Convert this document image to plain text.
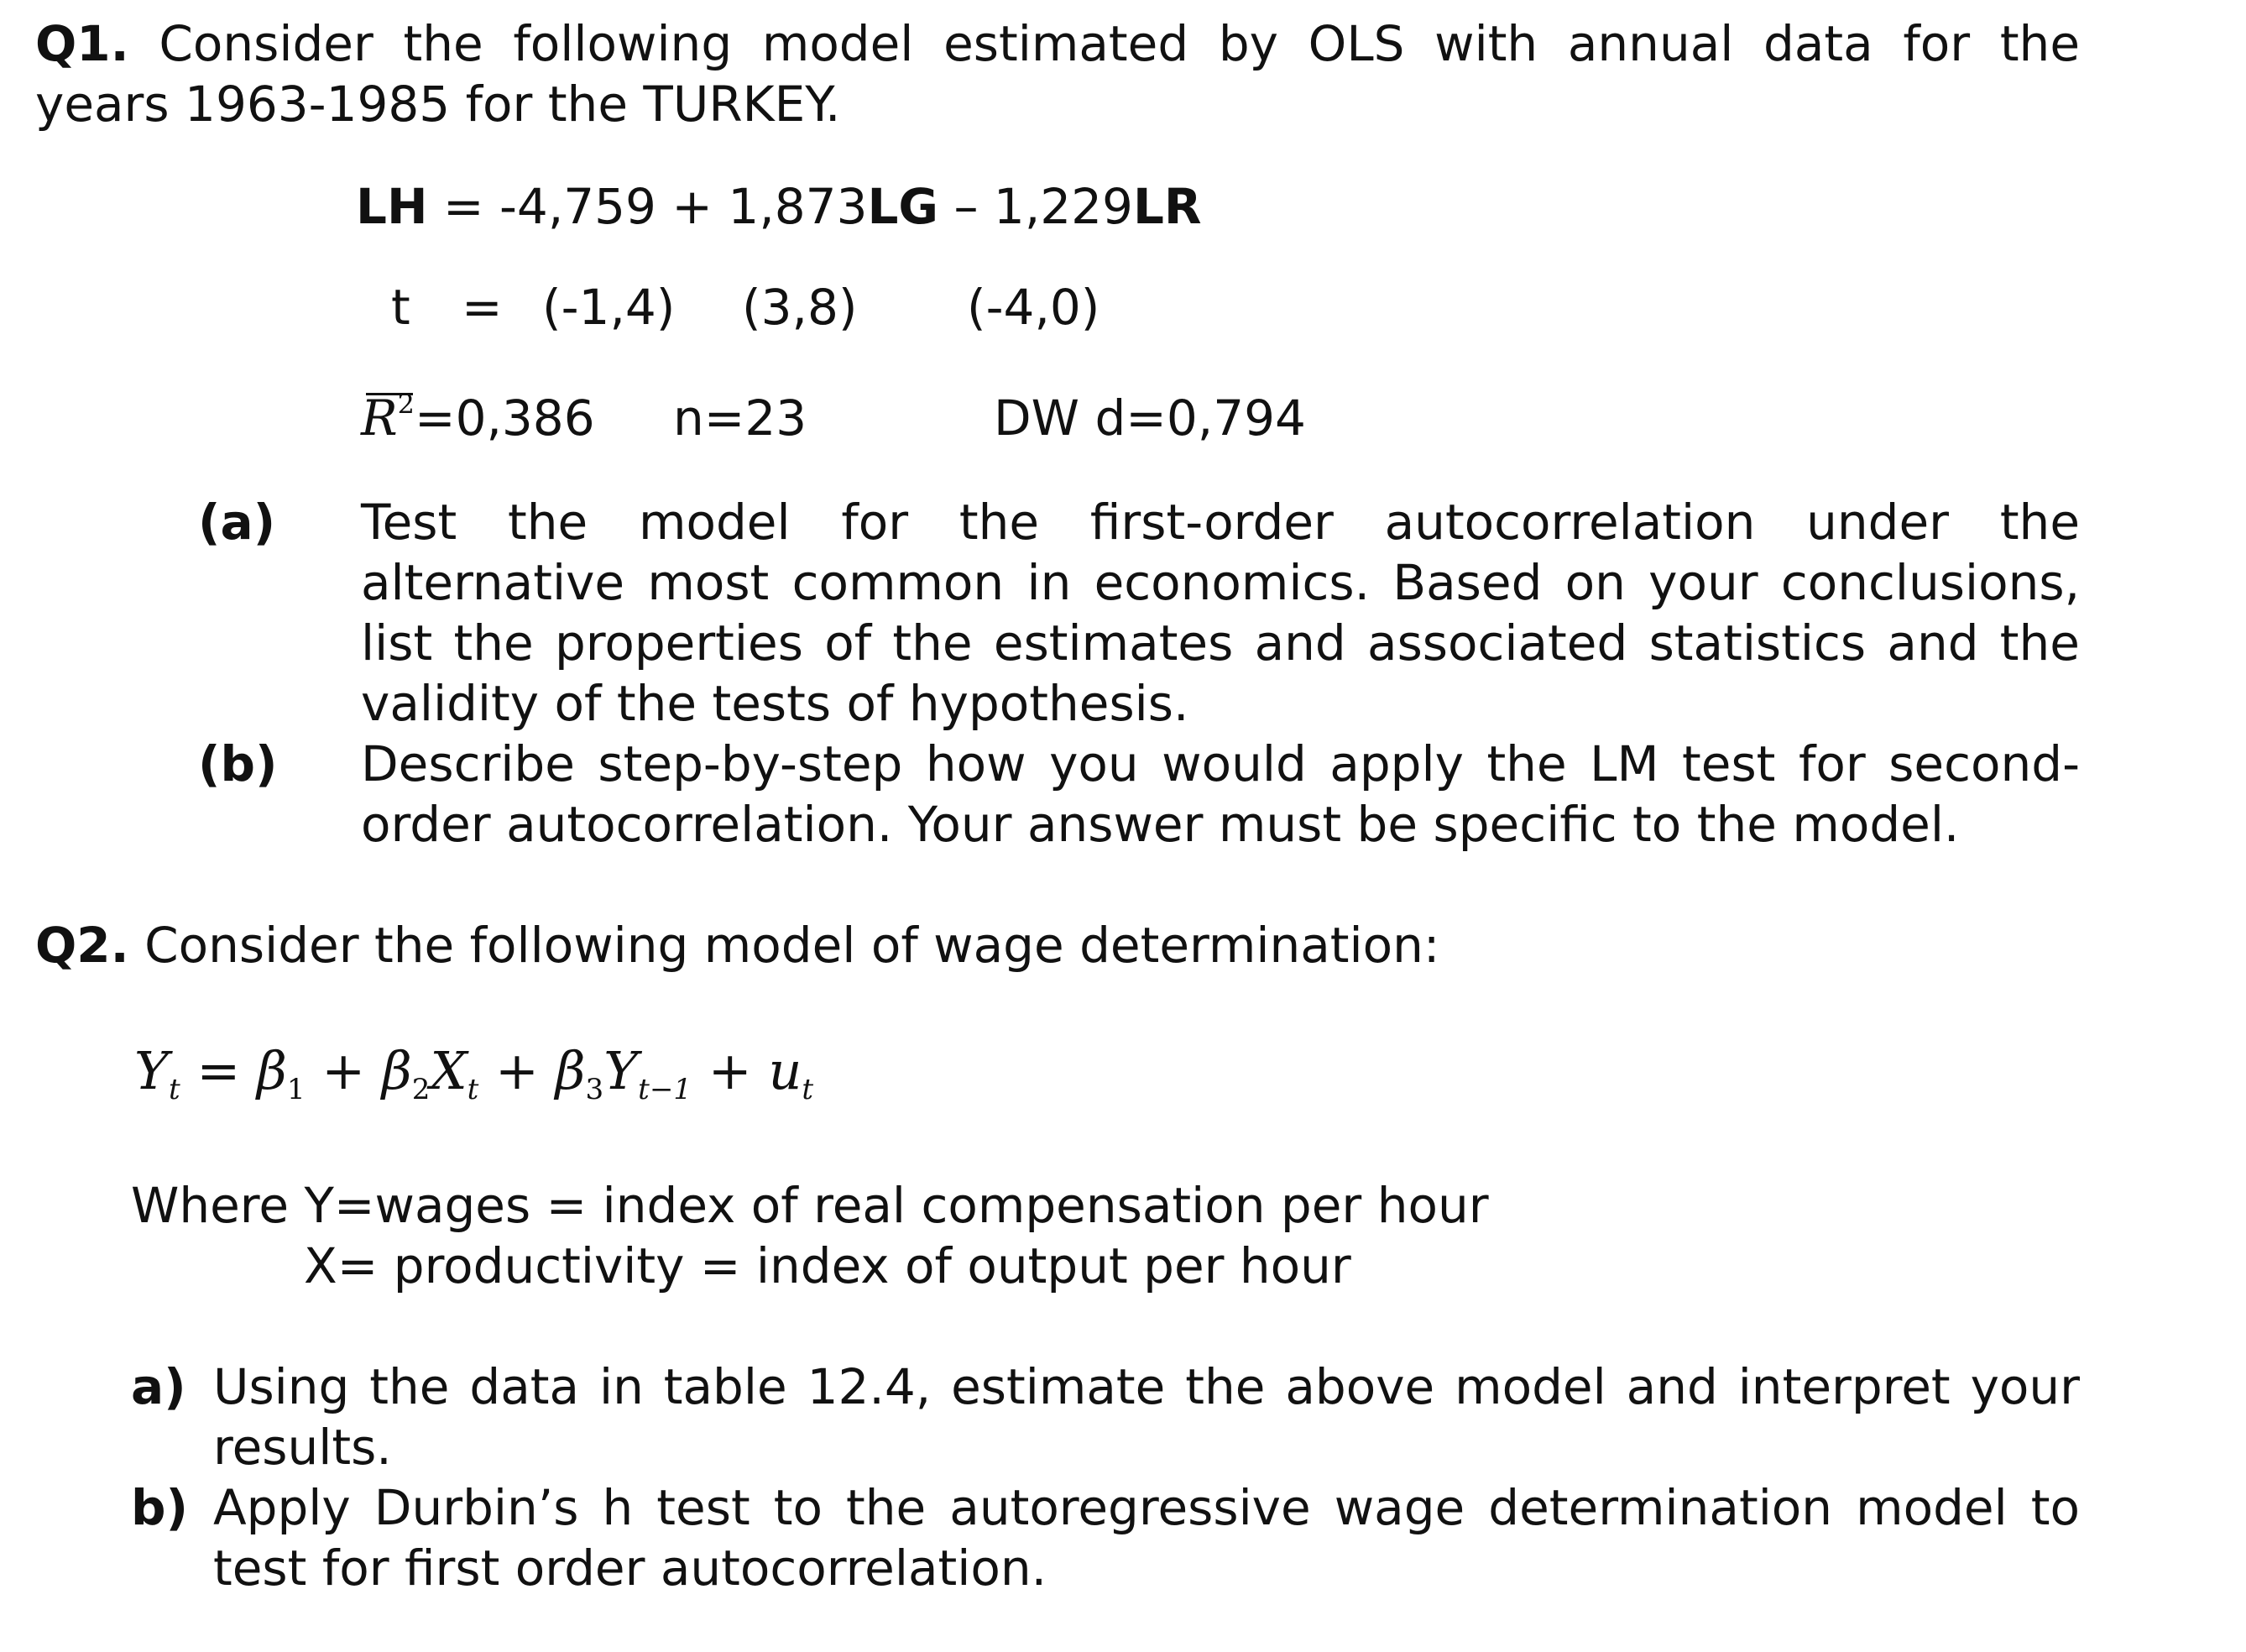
Q1. Consider the following model estimated by OLS with annual data for the
years 1963-1985 for the TURKEY.
LH = -4,759 + 1,873LG – 1,229LR
t = (-1,4) (3,8) (-4,0)
$R^2=0,386$ n=23	DW d=0,794
(a) Test the model for the first-order autocorrelation under the
alternative most common in economics. Based on your conclusions,
list the properties of the estimates and associated statistics and the
validity of the tests of hypothesis.
(b) Describe step-by-step how you would apply the LM test for second-
order autocorrelation. Your answer must be specific to the model.
Q2. Consider the following model of wage determination:
$Y_t = \beta_1 + \beta_2X_t + \beta_3Y_{t-1} + u_t$
Where Y=wages = index of real compensation per hour
X= productivity = index of output per hour
a) Using the data in table 12.4, estimate the above model and interpret your
results.
b) Apply Durbin’s h test to the autoregressive wage determination model to
test for first order autocorrelation.
